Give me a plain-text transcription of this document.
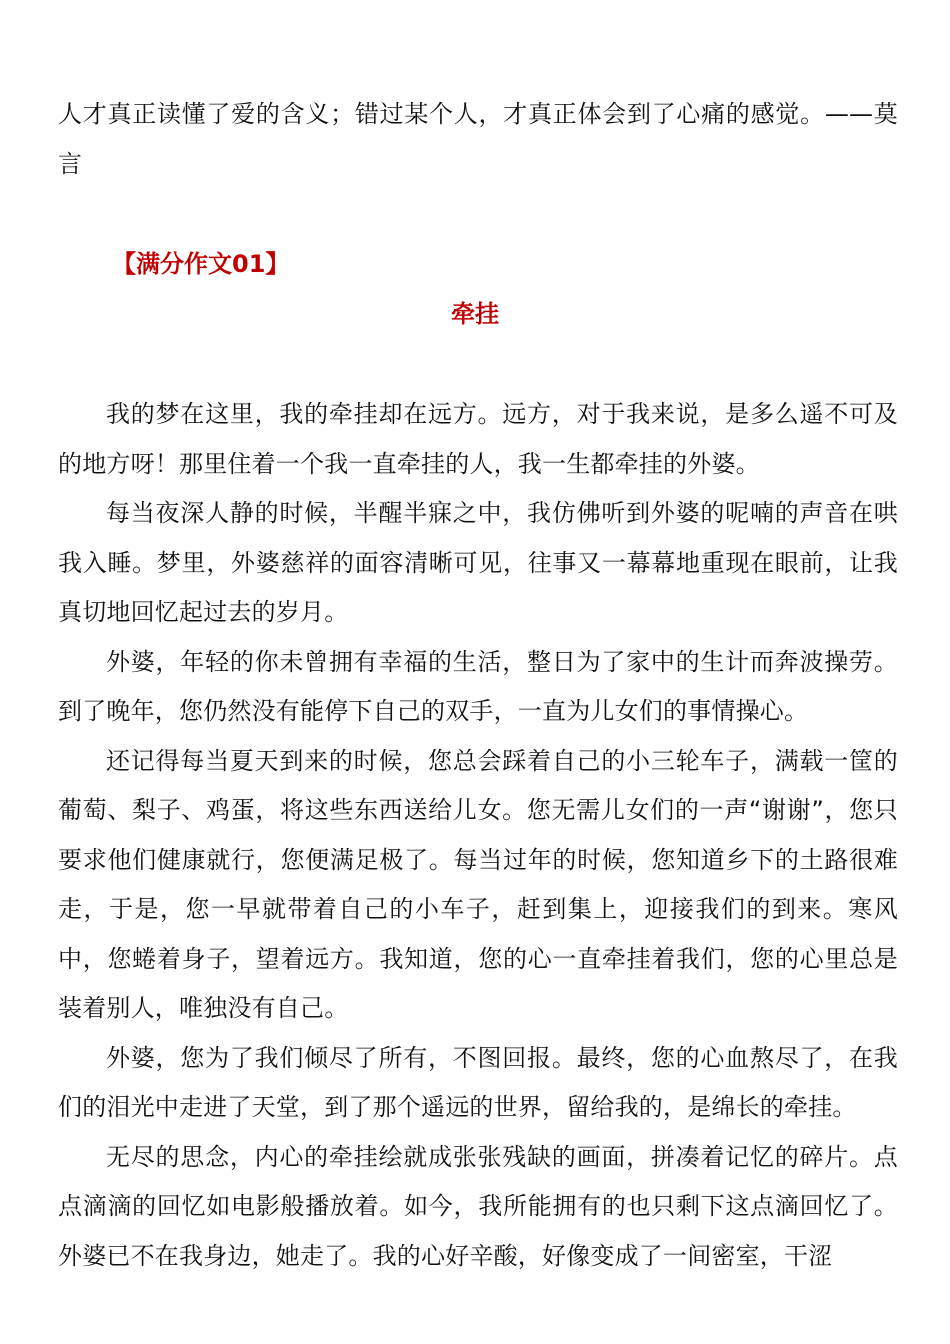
人才真正读懂了爱的含义；错过某个人，才真正体会到了心痛的感觉。——莫言

【满分作文01】

牵挂

我的梦在这里，我的牵挂却在远方。远方，对于我来说，是多么遥不可及的地方呀！那里住着一个我一直牵挂的人，我一生都牵挂的外婆。

每当夜深人静的时候，半醒半寐之中，我仿佛听到外婆的呢喃的声音在哄我入睡。梦里，外婆慈祥的面容清晰可见，往事又一幕幕地重现在眼前，让我真切地回忆起过去的岁月。

外婆，年轻的你未曾拥有幸福的生活，整日为了家中的生计而奔波操劳。到了晚年，您仍然没有能停下自己的双手，一直为儿女们的事情操心。

还记得每当夏天到来的时候，您总会踩着自己的小三轮车子，满载一筐的葡萄、梨子、鸡蛋，将这些东西送给儿女。您无需儿女们的一声“谢谢”，您只要求他们健康就行，您便满足极了。每当过年的时候，您知道乡下的土路很难走，于是，您一早就带着自己的小车子，赶到集上，迎接我们的到来。寒风中，您蜷着身子，望着远方。我知道，您的心一直牵挂着我们，您的心里总是装着别人，唯独没有自己。

外婆，您为了我们倾尽了所有，不图回报。最终，您的心血熬尽了，在我们的泪光中走进了天堂，到了那个遥远的世界，留给我的，是绵长的牵挂。

无尽的思念，内心的牵挂绘就成张张残缺的画面，拼凑着记忆的碎片。点点滴滴的回忆如电影般播放着。如今，我所能拥有的也只剩下这点滴回忆了。外婆已不在我身边，她走了。我的心好辛酸，好像变成了一间密室，干涩
